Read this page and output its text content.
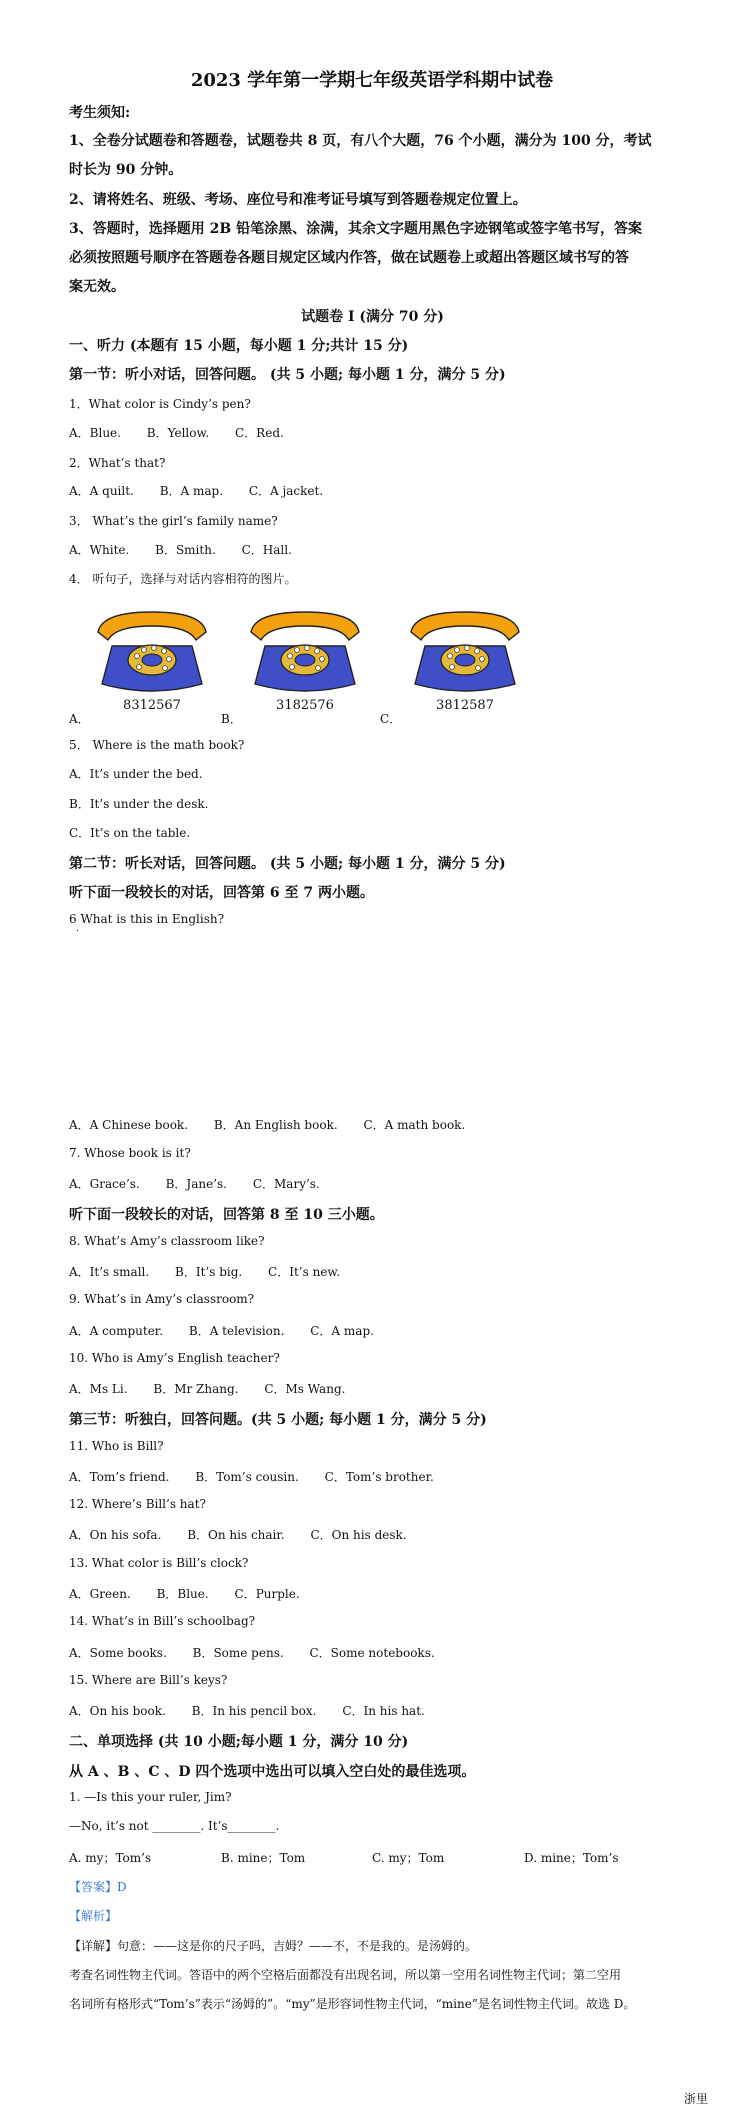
2023 学年第一学期七年级英语学科期中试卷
考生须知:
1、全卷分试题卷和答题卷，试题卷共 8 页，有八个大题，76 个小题，满分为 100 分，考试
时长为 90 分钟。
2、请将姓名、班级、考场、座位号和准考证号填写到答题卷规定位置上。
3、答题时，选择题用 2B 铅笔涂黑、涂满，其余文字题用黑色字迹钢笔或签字笔书写，答案
必须按照题号顺序在答题卷各题目规定区域内作答，做在试题卷上或超出答题区域书写的答
案无效。
试题卷 I (满分 70 分)
一、听力 (本题有 15 小题，每小题 1 分;共计 15 分)
第一节：听小对话，回答问题。 (共 5 小题; 每小题 1 分，满分 5 分)
1．What color is Cindy’s pen?
A．Blue. B．Yellow. C．Red.
2．What’s that?
A．A quilt. B．A map. C．A jacket.
3． What’s the girl’s family name?
A．White. B．Smith. C．Hall.
4． 听句子，选择与对话内容相符的图片。
A．
8312567
B．
3182576
C．
3812587
5． Where is the math book?
A．It’s under the bed.
B．It’s under the desk.
C．It’s on the table.
第二节：听长对话，回答问题。 (共 5 小题; 每小题 1 分，满分 5 分)
听下面一段较长的对话，回答第 6 至 7 两小题。
6 What is this in English?
·
A．A Chinese book. B．An English book. C．A math book.
7. Whose book is it?
A．Grace’s. B．Jane’s. C．Mary’s.
听下面一段较长的对话，回答第 8 至 10 三小题。
8. What’s Amy’s classroom like?
A．It’s small. B．It’s big. C．It’s new.
9. What’s in Amy’s classroom?
A．A computer. B．A television. C．A map.
10. Who is Amy’s English teacher?
A．Ms Li. B．Mr Zhang. C．Ms Wang.
第三节：听独白，回答问题。(共 5 小题; 每小题 1 分，满分 5 分)
11. Who is Bill?
A．Tom’s friend. B．Tom’s cousin. C．Tom’s brother.
12. Where’s Bill’s hat?
A．On his sofa. B．On his chair. C．On his desk.
13. What color is Bill’s clock?
A．Green. B．Blue. C．Purple.
14. What’s in Bill’s schoolbag?
A．Some books. B．Some pens. C．Some notebooks.
15. Where are Bill’s keys?
A．On his book. B．In his pencil box. C．In his hat.
二、单项选择 (共 10 小题;每小题 1 分，满分 10 分)
从 A 、B 、C 、D 四个选项中选出可以填入空白处的最佳选项。
1. —Is this your ruler, Jim?
—No, it’s not ________. It’s________.
A. my；Tom’s	B. mine；Tom	C. my；Tom	D. mine；Tom’s
【答案】D
【解析】
【详解】句意：——这是你的尺子吗，吉姆？——不，不是我的。是汤姆的。
考查名词性物主代词。答语中的两个空格后面都没有出现名词，所以第一空用名词性物主代词；第二空用
名词所有格形式“Tom’s”表示“汤姆的”。“my”是形容词性物主代词，“mine”是名词性物主代词。故选 D。
浙里
